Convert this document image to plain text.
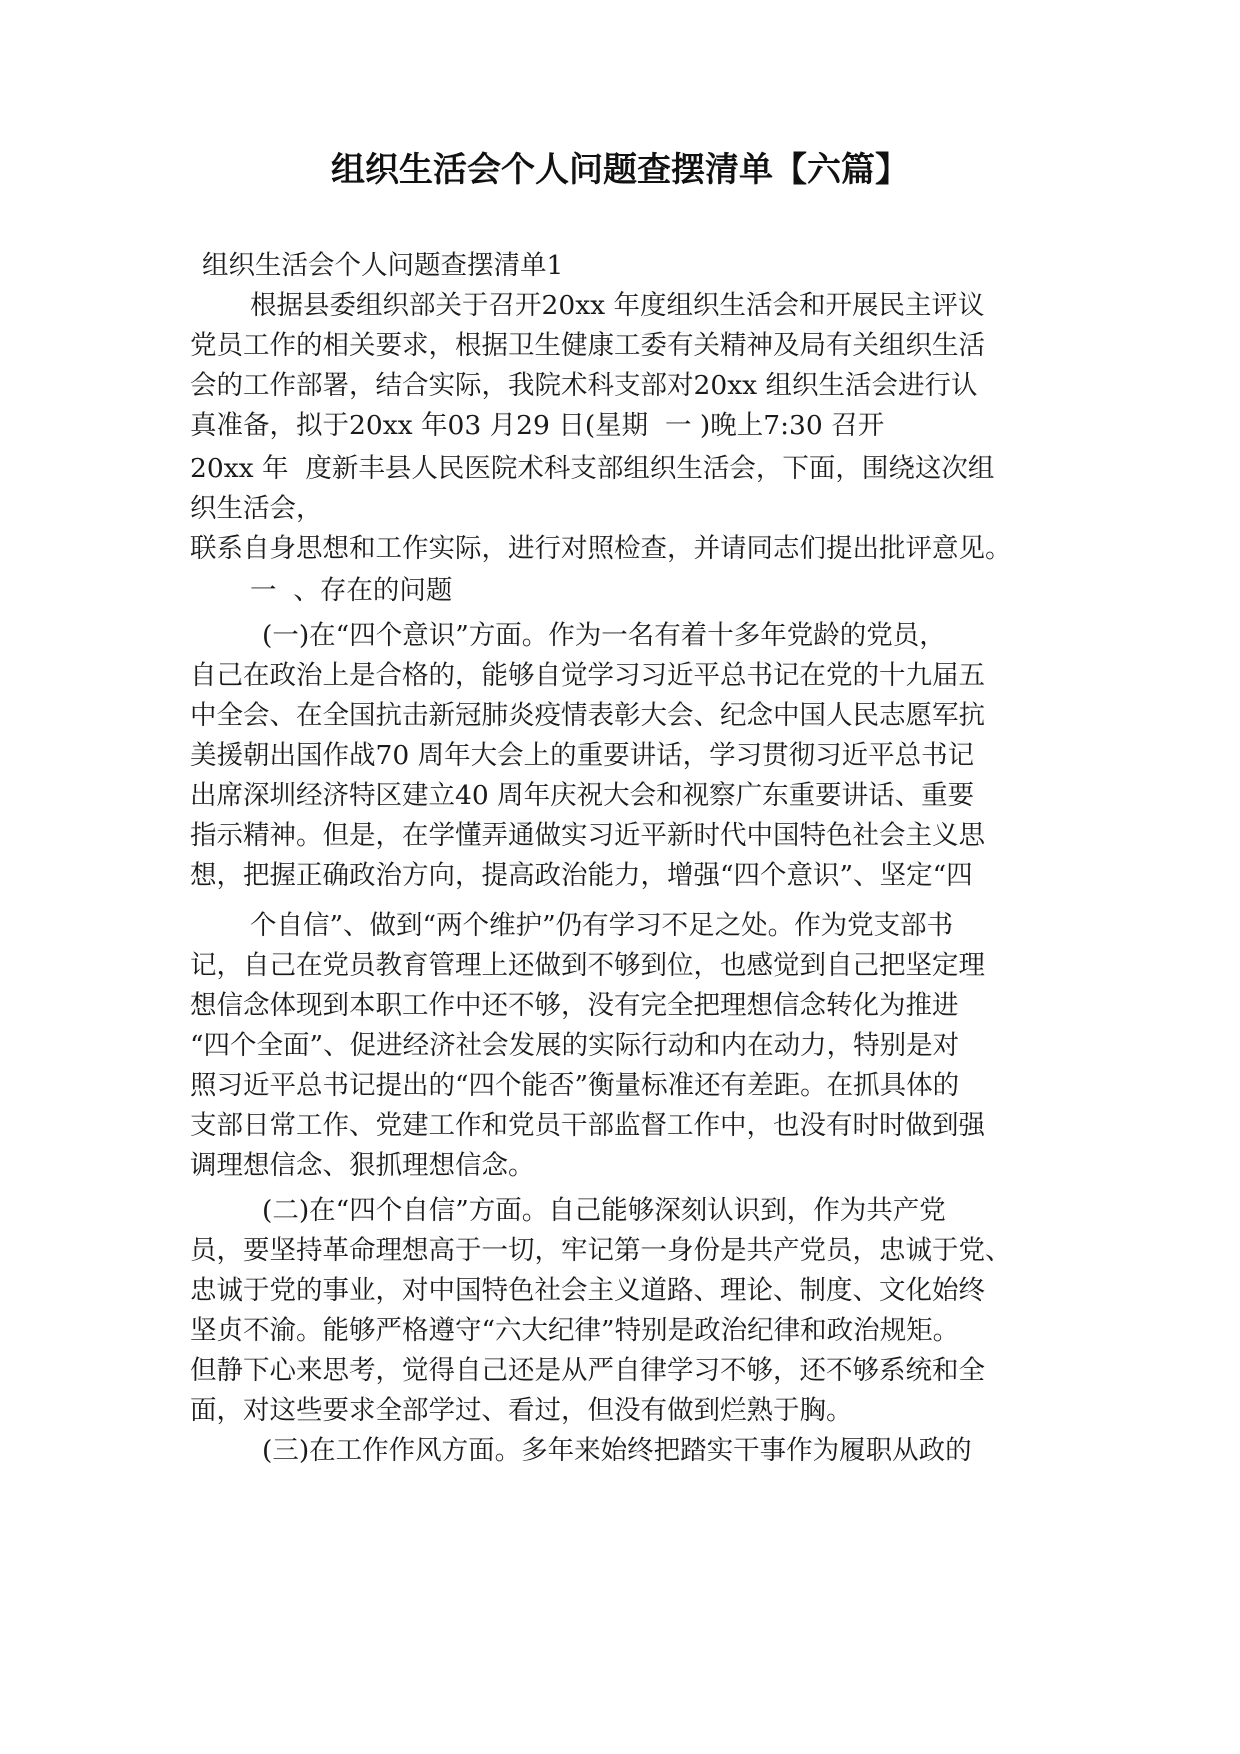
组织生活会个人问题查摆清单【六篇】
组织生活会个人问题查摆清单1
根据县委组织部关于召开20xx 年度组织生活会和开展民主评议
党员工作的相关要求，根据卫生健康工委有关精神及局有关组织生活
会的工作部署，结合实际，我院术科支部对20xx 组织生活会进行认
真准备，拟于20xx 年03 月29 日(星期  一 )晚上7:30 召开
20xx 年  度新丰县人民医院术科支部组织生活会，下面，围绕这次组
织生活会，
联系自身思想和工作实际，进行对照检查，并请同志们提出批评意见。
一  、存在的问题
(一)在“四个意识”方面。作为一名有着十多年党龄的党员，
自己在政治上是合格的，能够自觉学习习近平总书记在党的十九届五
中全会、在全国抗击新冠肺炎疫情表彰大会、纪念中国人民志愿军抗
美援朝出国作战70 周年大会上的重要讲话，学习贯彻习近平总书记
出席深圳经济特区建立40 周年庆祝大会和视察广东重要讲话、重要
指示精神。但是，在学懂弄通做实习近平新时代中国特色社会主义思
想，把握正确政治方向，提高政治能力，增强“四个意识”、坚定“四
个自信”、做到“两个维护”仍有学习不足之处。作为党支部书
记，自己在党员教育管理上还做到不够到位，也感觉到自己把坚定理
想信念体现到本职工作中还不够，没有完全把理想信念转化为推进
“四个全面”、促进经济社会发展的实际行动和内在动力，特别是对
照习近平总书记提出的“四个能否”衡量标准还有差距。在抓具体的
支部日常工作、党建工作和党员干部监督工作中，也没有时时做到强
调理想信念、狠抓理想信念。
(二)在“四个自信”方面。自己能够深刻认识到，作为共产党
员，要坚持革命理想高于一切，牢记第一身份是共产党员，忠诚于党、
忠诚于党的事业，对中国特色社会主义道路、理论、制度、文化始终
坚贞不渝。能够严格遵守“六大纪律”特别是政治纪律和政治规矩。
但静下心来思考，觉得自己还是从严自律学习不够，还不够系统和全
面，对这些要求全部学过、看过，但没有做到烂熟于胸。
(三)在工作作风方面。多年来始终把踏实干事作为履职从政的
